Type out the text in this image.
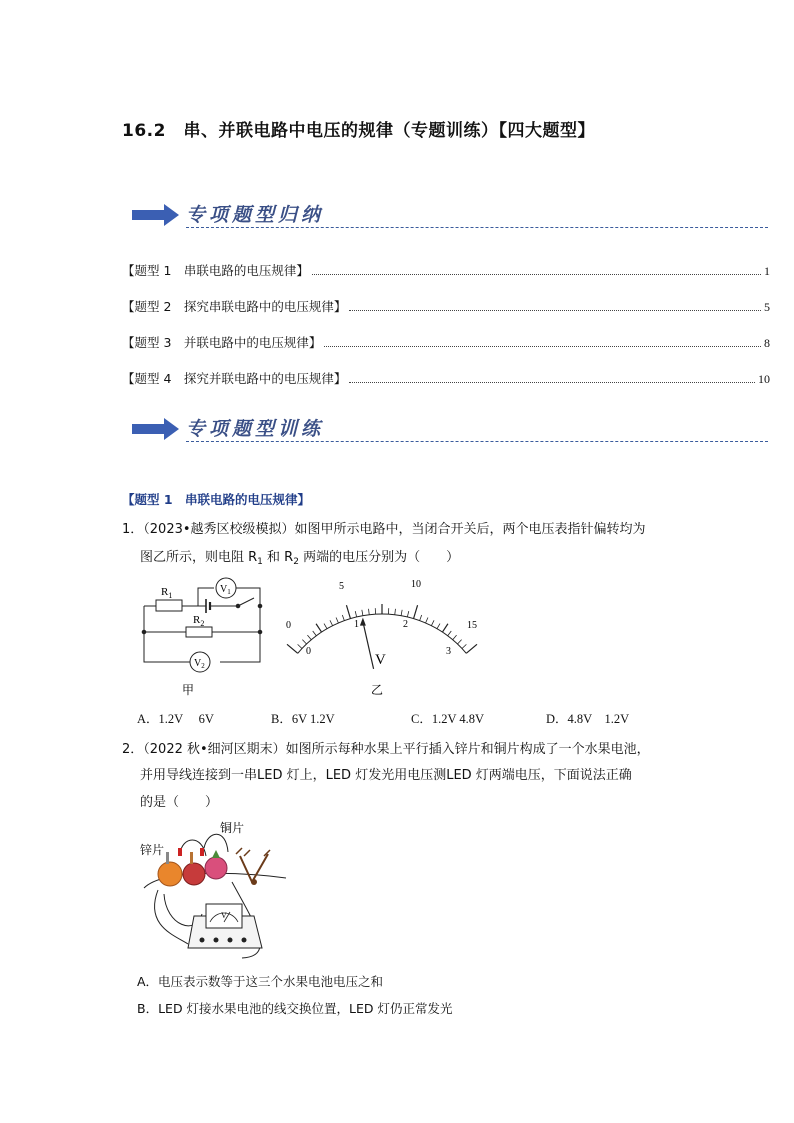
16.2　串、并联电路中电压的规律（专题训练）【四大题型】
专项题型归纳
【题型 1　串联电路的电压规律】	1
【题型 2　探究串联电路中的电压规律】	5
【题型 3　并联电路中的电压规律】	8
【题型 4　探究并联电路中的电压规律】	10
专项题型训练
【题型 1　串联电路的电压规律】
1．（2023•越秀区校级模拟）如图甲所示电路中，当闭合开关后，两个电压表指针偏转均为
图乙所示，则电阻 $R_1$ 和 $R_2$ 两端的电压分别为（　　）
$R_1$
$R_2$
$V_1$
$V_2$
甲
0
5	10
15
0
1	2
3
V
乙
A．1.2V　 6V	B．6V 1.2V	C．1.2V 4.8V	D．4.8V　1.2V
2．（2022 秋•细河区期末）如图所示每种水果上平行插入锌片和铜片构成了一个水果电池，
并用导线连接到一串LED 灯上，LED 灯发光用电压测LED 灯两端电压，下面说法正确
的是（　　）
V
锌片
铜片
A．电压表示数等于这三个水果电池电压之和
B．LED 灯接水果电池的线交换位置，LED 灯仍正常发光
